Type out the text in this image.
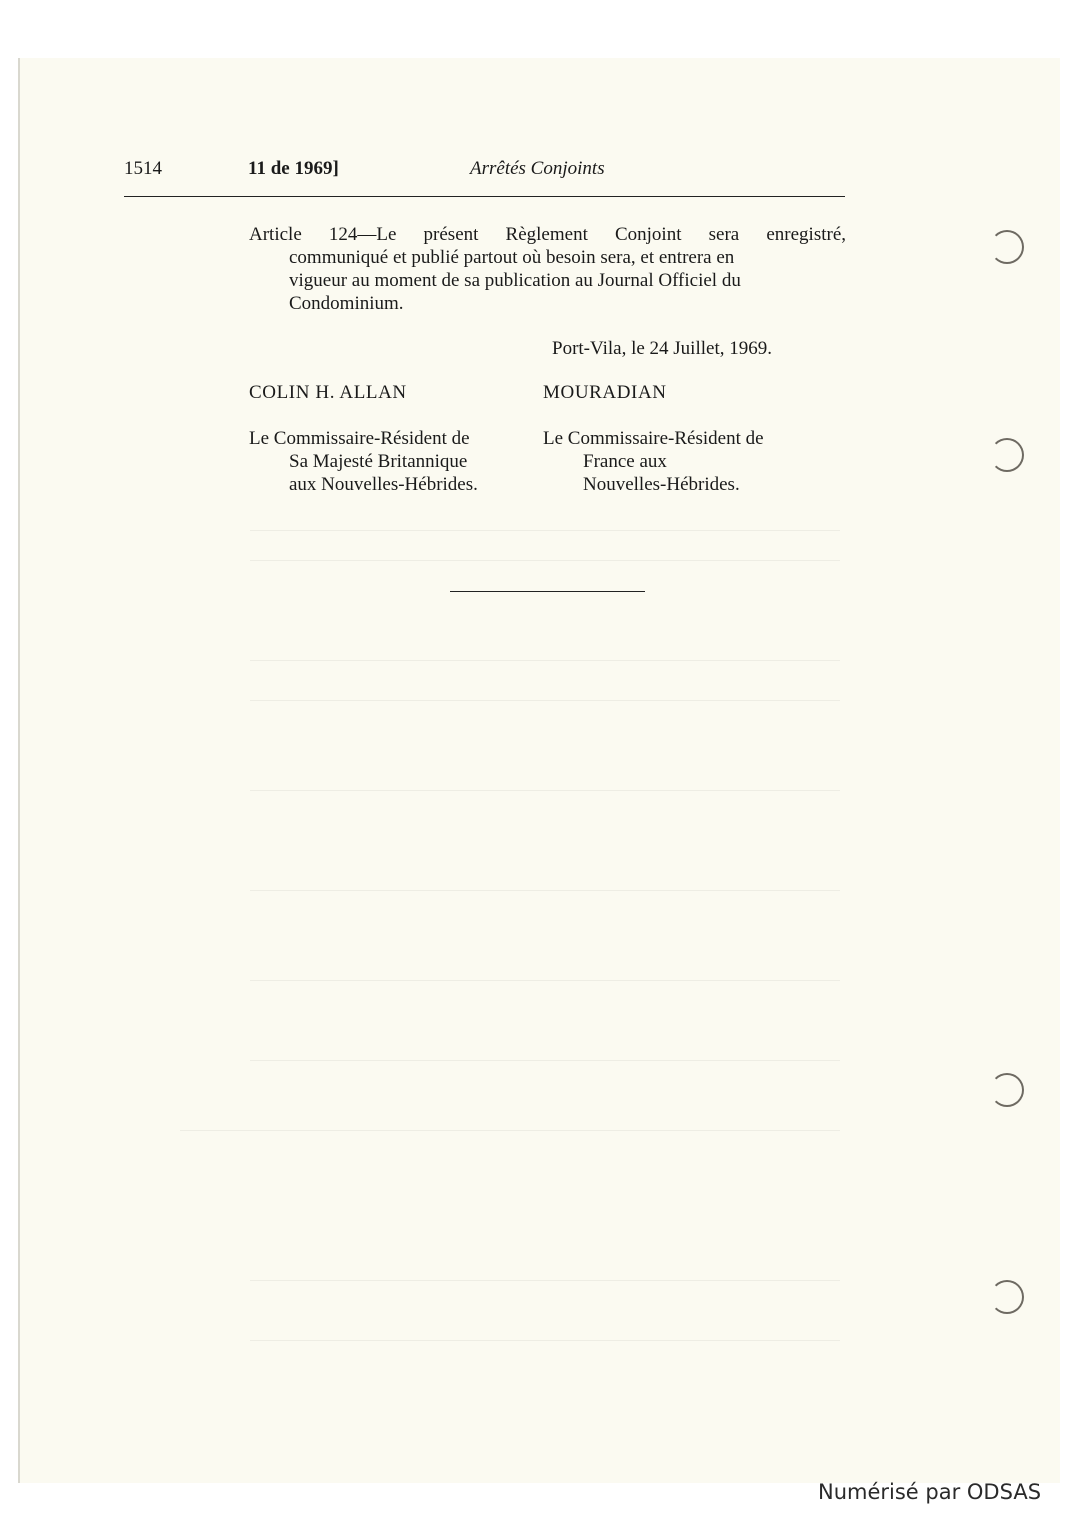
1514	11 de 1969]	Arrêtés Conjoints
Article 124—Le présent Règlement Conjoint sera enregistré,
communiqué et publié partout où besoin sera, et entrera en
vigueur au moment de sa publication au Journal Officiel du
Condominium.
Port-Vila, le 24 Juillet, 1969.
COLIN H. ALLAN	MOURADIAN
Le Commissaire-Résident de
Sa Majesté Britannique
aux Nouvelles-Hébrides.
Le Commissaire-Résident de
France aux
Nouvelles-Hébrides.
Numérisé par ODSAS
